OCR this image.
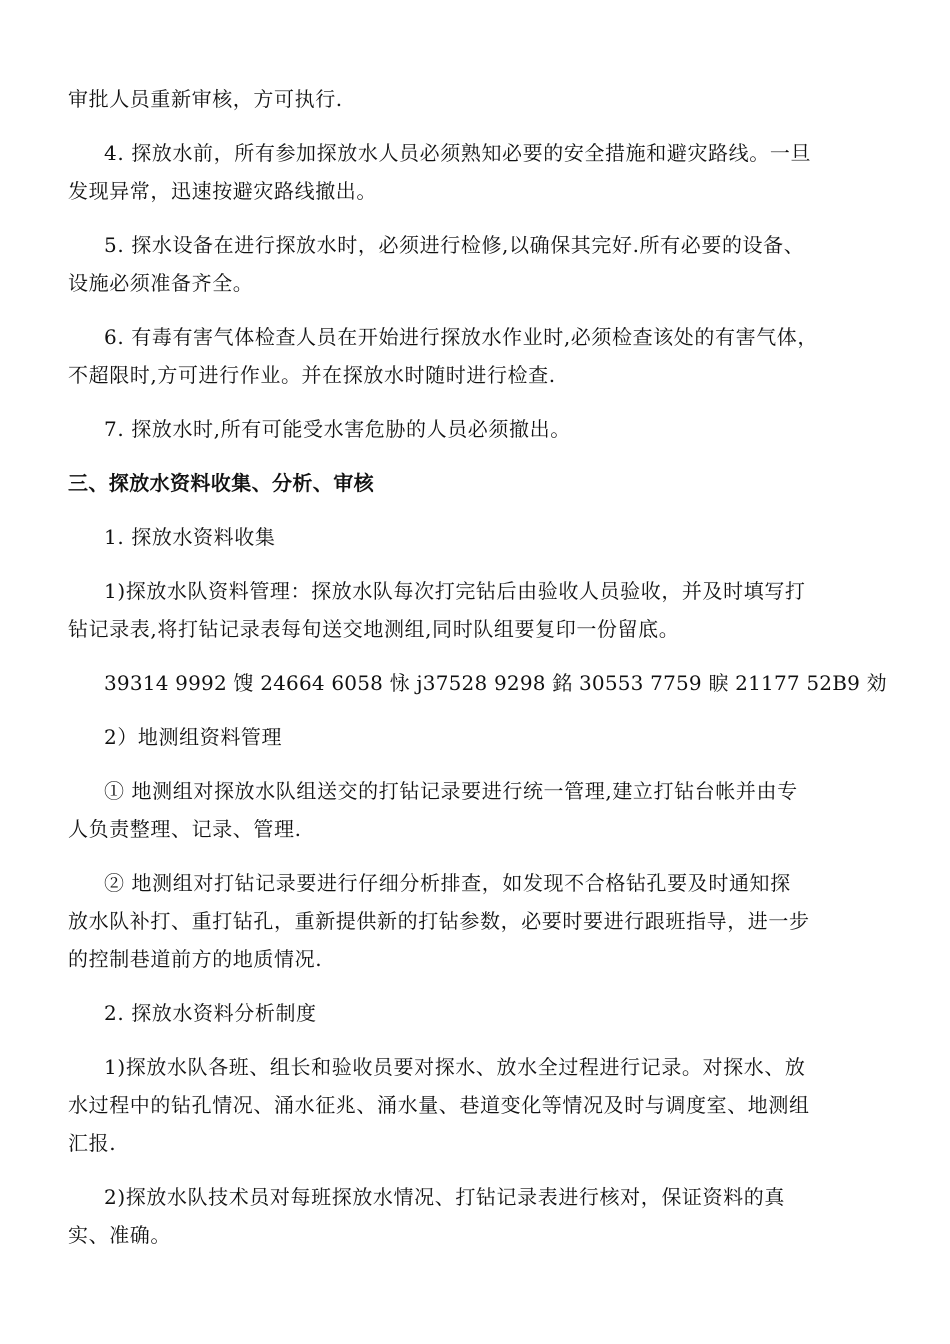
审批人员重新审核，方可执行.
4. 探放水前，所有参加探放水人员必须熟知必要的安全措施和避灾路线。一旦
发现异常，迅速按避灾路线撤出。
5. 探水设备在进行探放水时，必须进行检修,以确保其完好.所有必要的设备、
设施必须准备齐全。
6. 有毒有害气体检查人员在开始进行探放水作业时,必须检查该处的有害气体，
不超限时,方可进行作业。并在探放水时随时进行检查.
7. 探放水时,所有可能受水害危胁的人员必须撤出。
三、探放水资料收集、分析、审核
1. 探放水资料收集
1)探放水队资料管理：探放水队每次打完钻后由验收人员验收，并及时填写打
钻记录表,将打钻记录表每旬送交地测组,同时队组要复印一份留底。
39314 9992 馊 24664 6058 怺 j37528 9298 銘 30553 7759 睙 21177 52B9 効
2）地测组资料管理
① 地测组对探放水队组送交的打钻记录要进行统一管理,建立打钻台帐并由专
人负责整理、记录、管理.
② 地测组对打钻记录要进行仔细分析排查，如发现不合格钻孔要及时通知探
放水队补打、重打钻孔，重新提供新的打钻参数，必要时要进行跟班指导，进一步
的控制巷道前方的地质情况.
2. 探放水资料分析制度
1)探放水队各班、组长和验收员要对探水、放水全过程进行记录。对探水、放
水过程中的钻孔情况、涌水征兆、涌水量、巷道变化等情况及时与调度室、地测组
汇报.
2)探放水队技术员对每班探放水情况、打钻记录表进行核对，保证资料的真
实、准确。
